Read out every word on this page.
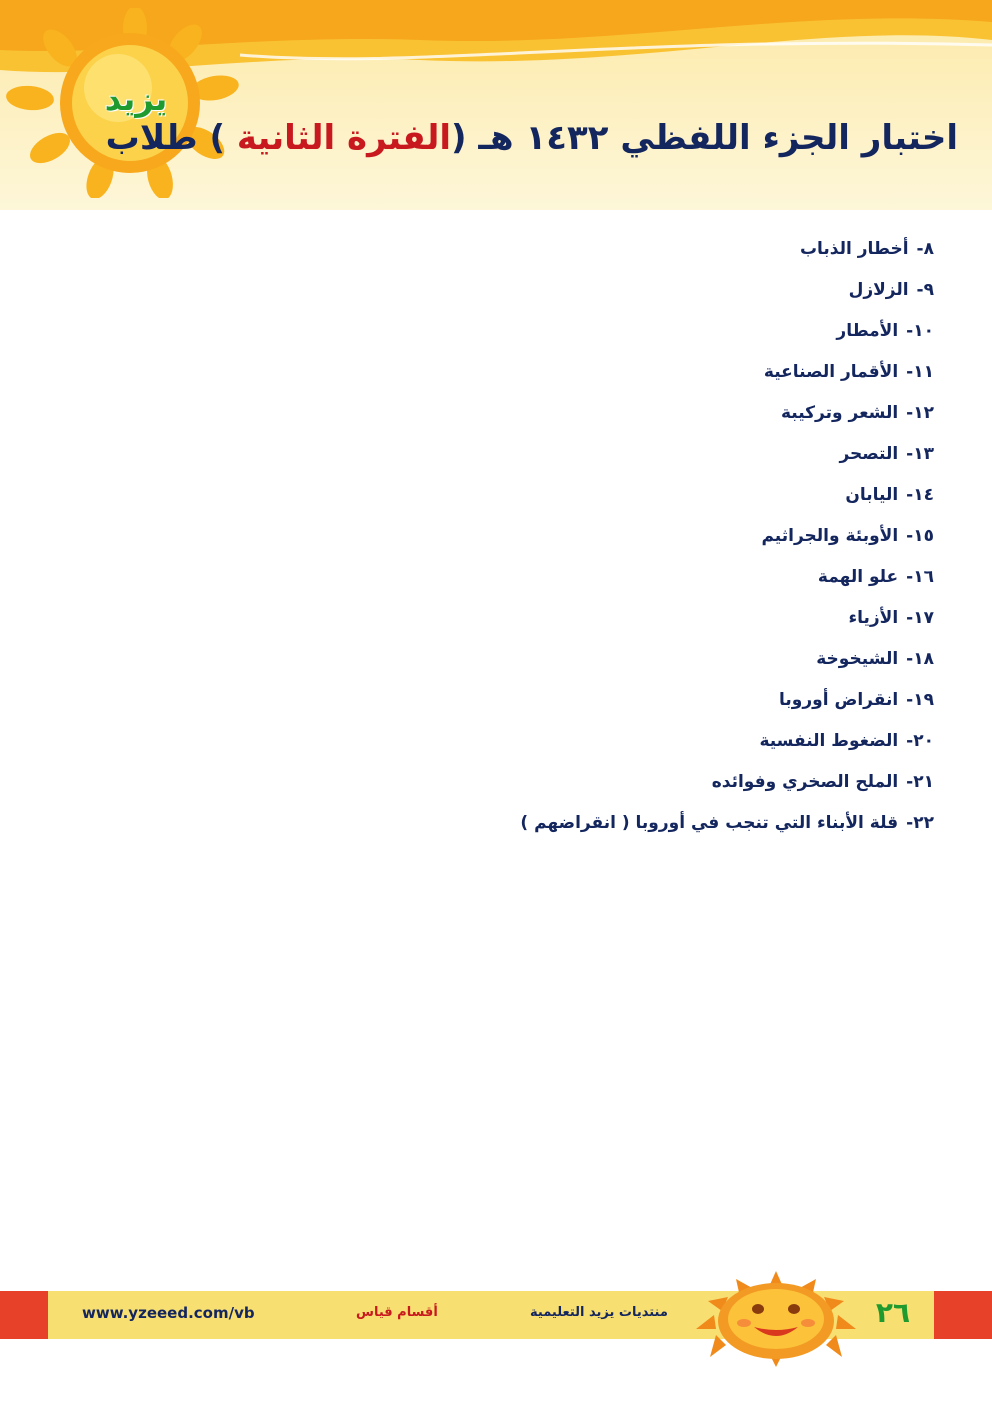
يزيد
اختبار الجزء اللفظي ١٤٣٢ هـ (الفترة الثانية ) طلاب
٨-أخطار الذباب
٩-الزلازل
١٠-الأمطار
١١-الأقمار الصناعية
١٢-الشعر وتركيبة
١٣-التصحر
١٤-اليابان
١٥-الأوبئة والجراثيم
١٦-علو الهمة
١٧-الأزياء
١٨-الشيخوخة
١٩-انقراض أوروبا
٢٠-الضغوط النفسية
٢١-الملح الصخري وفوائده
٢٢-قلة الأبناء التي تنجب في أوروبا ( انقراضهم )
www.yzeeed.com/vb	أقسام قياس	منتديات يزيد التعليمية	٢٦
